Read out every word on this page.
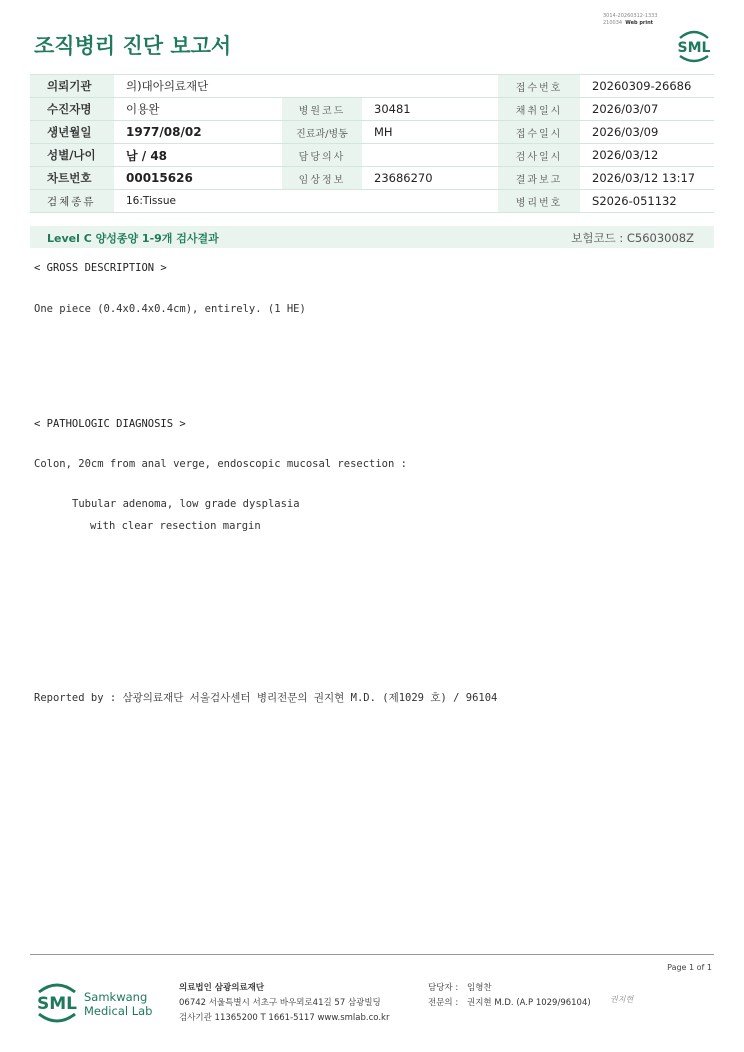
조직병리 진단 보고서
3014-20260312-1333
210034 Web print
SML
의뢰기관	의)대아의료재단			접수번호	20260309-26686
수진자명	이용완	병원코드	30481	채취일시	2026/03/07
생년월일	1977/08/02	진료과/병동	MH	접수일시	2026/03/09
성별/나이	남 / 48	담당의사		검사일시	2026/03/12
차트번호	00015626	임상정보	23686270	결과보고	2026/03/12 13:17
검체종류	16:Tissue			병리번호	S2026-051132
Level C 양성종양 1-9개 검사결과	보험코드 : C5603008Z
< GROSS DESCRIPTION >
One piece (0.4x0.4x0.4cm), entirely. (1 HE)
< PATHOLOGIC DIAGNOSIS >
Colon, 20cm from anal verge, endoscopic mucosal resection :
Tubular adenoma, low grade dysplasia
with clear resection margin
Reported by : 삼광의료재단 서울검사센터 병리전문의 권지현 M.D. (제1029 호) / 96104
Page 1 of 1
SML Samkwang
Medical Lab
의료법인 삼광의료재단
06742 서울특별시 서초구 바우뫼로41길 57 삼광빌딩
검사기관 11365200 T 1661-5117 www.smlab.co.kr
담당자 : 임형찬
전문의 : 권지현 M.D. (A.P 1029/96104) 권지현
